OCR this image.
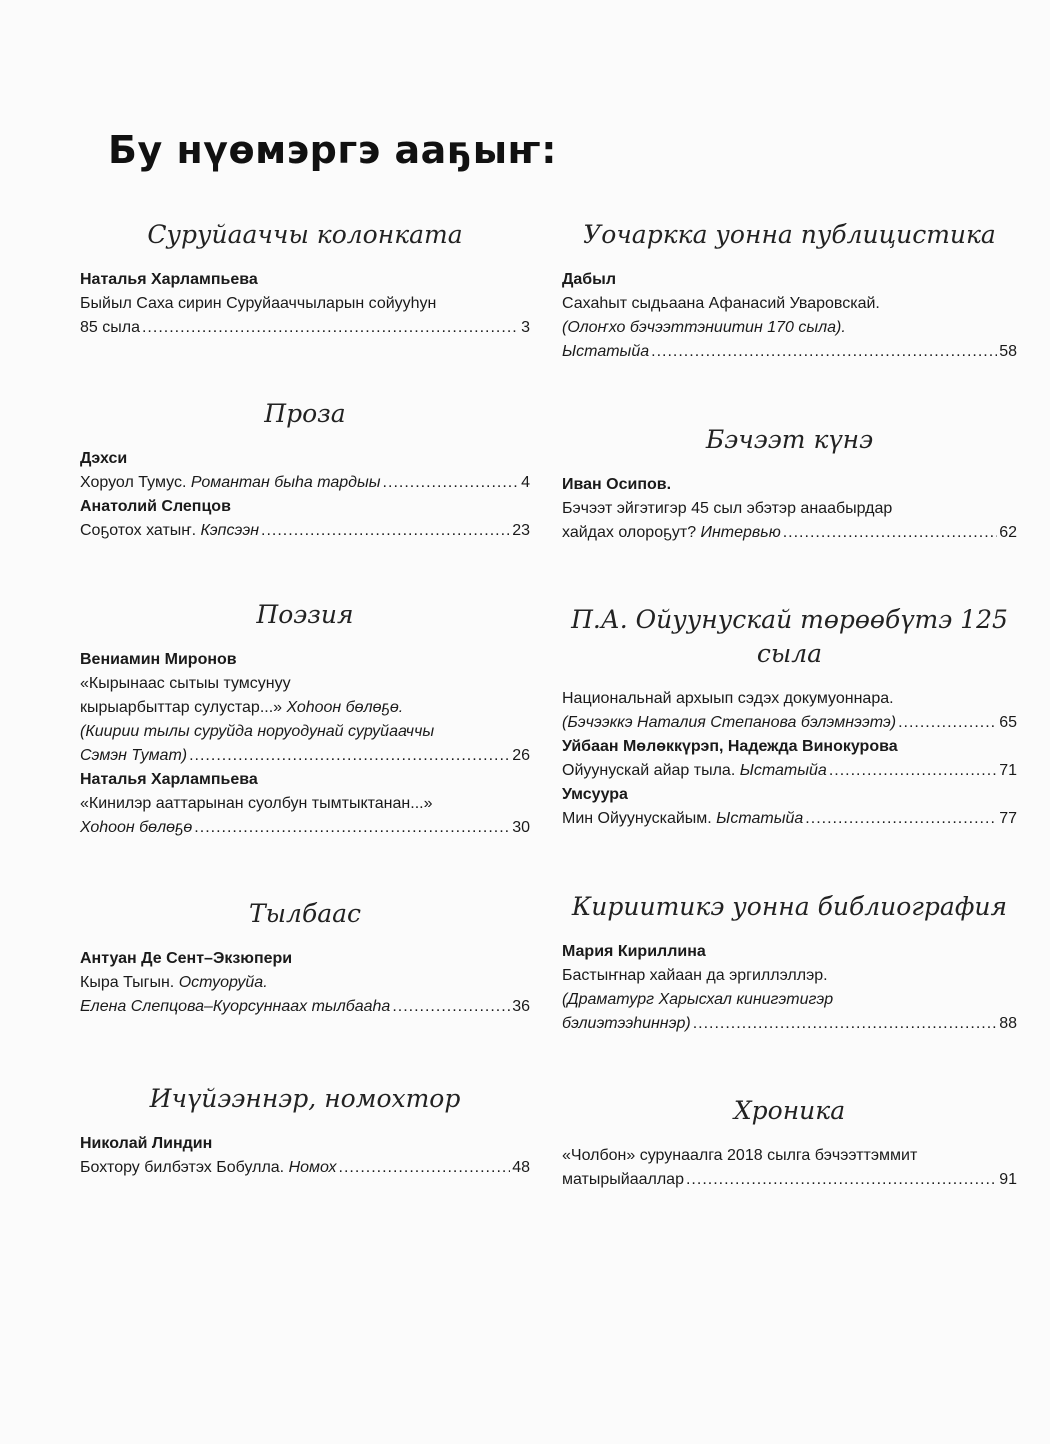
Бу нүөмэргэ ааҕыҥ:
Суруйааччы колонката
Наталья Харлампьева
Быйыл Саха сирин Суруйааччыларын сойууһун
85 сыла .....	3
Проза
Дэхси
Хоруол Тумус. Романтан быһа тардыы .....	4
Анатолий Слепцов
Соҕотох хатыҥ. Кэпсээн .....	23
Поэзия
Вениамин Миронов
«Кырынаас сытыы тумсунуу
кырыарбыттар сулустар...» Хоһоон бөлөҕө.
(Киирии тылы суруйда норуодунай суруйааччы
Сэмэн Тумат) .....	26
Наталья Харлампьева
«Кинилэр ааттарынан суолбун тымтыктанан...»
Хоһоон бөлөҕө .....	30
Тылбаас
Антуан Де Сент–Экзюпери
Кыра Тыгын. Остуоруйа.
Елена Слепцова–Куорсуннаах тылбааһа .....	36
Ичүйээннэр, номохтор
Николай Линдин
Бохтору билбэтэх Бобулла. Номох .....	48
Уочаркка уонна публицистика
Дабыл
Сахаһыт сыдьаана Афанасий Уваровскай.
(Олоҥхо бэчээттэниитин 170 сыла).
Ыстатыйа .....	58
Бэчээт күнэ
Иван Осипов.
Бэчээт эйгэтигэр 45 сыл эбэтэр анаабырдар
хайдах олороҕут? Интервью .....	62
П.А. Ойуунускай төрөөбүтэ 125 сыла
Национальнай архыып сэдэх докумуоннара.
(Бэчээккэ Наталия Степанова бэлэмнээтэ) .....	65
Уйбаан Мөлөккүрэп, Надежда Винокурова
Ойуунускай айар тыла. Ыстатыйа .....	71
Умсуура
Мин Ойуунускайым. Ыстатыйа .....	77
Кириитикэ уонна библиография
Мария Кириллина
Бастыҥнар хайаан да эргиллэллэр.
(Драматург Харысхал кинигэтигэр
бэлиэтээһиннэр) .....	88
Хроника
«Чолбон» сурунаалга 2018 сылга бэчээттэммит
матырыйааллар .....	91
